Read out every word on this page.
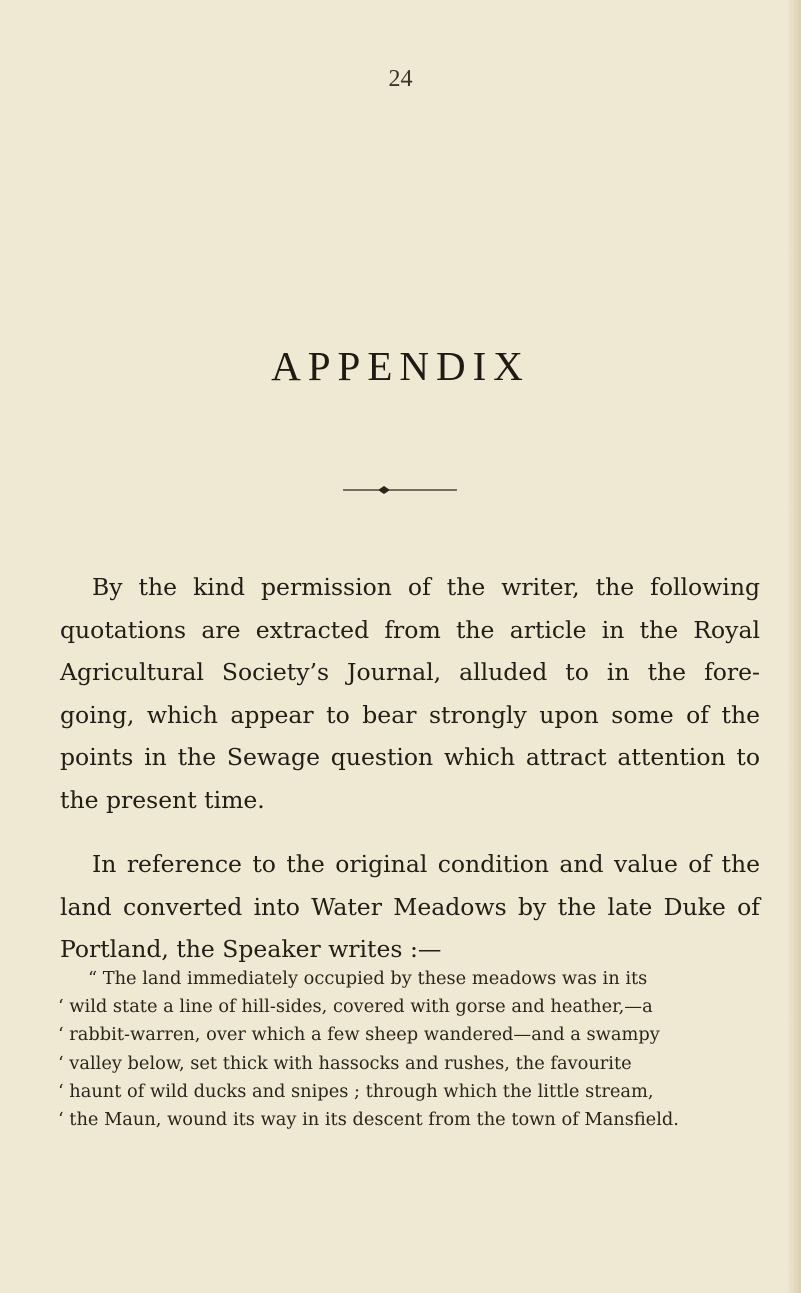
24
APPENDIX

By the kind permission of the writer, the following quotations are extracted from the article in the Royal Agricultural Society’s Journal, alluded to in the fore-going, which appear to bear strongly upon some of the points in the Sewage question which attract attention to the present time.

In reference to the original condition and value of the land converted into Water Meadows by the late Duke of Portland, the Speaker writes :—

“ The land immediately occupied by these meadows was in its
‘ wild state a line of hill-sides, covered with gorse and heather,—a
‘ rabbit-warren, over which a few sheep wandered—and a swampy
‘ valley below, set thick with hassocks and rushes, the favourite
‘ haunt of wild ducks and snipes ; through which the little stream,
‘ the Maun, wound its way in its descent from the town of Mansfield.
